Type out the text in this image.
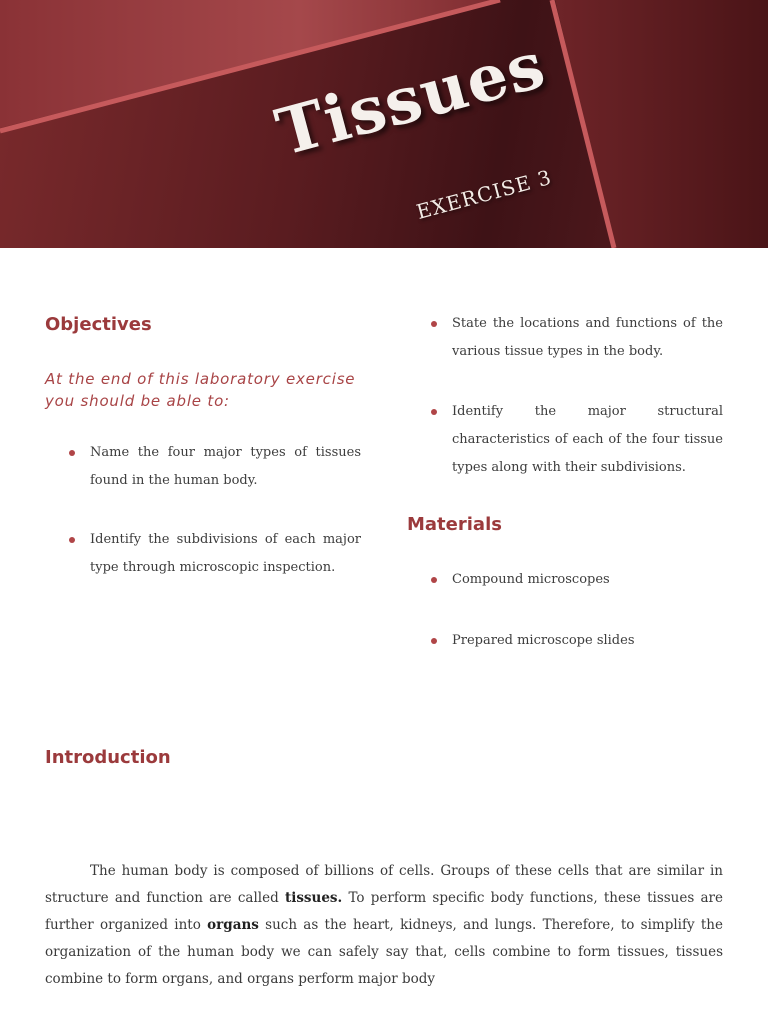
Tissues
EXERCISE 3
Objectives
At the end of this laboratory exercise you should be able to:
Name the four major types of tissues found in the human body.
Identify the subdivisions of each major type through microscopic inspection.
State the locations and functions of the various tissue types in the body.
Identify the major structural characteristics of each of the four tissue types along with their subdivisions.
Materials
Compound microscopes
Prepared microscope slides
Introduction

The human body is composed of billions of cells. Groups of these cells that are similar in structure and function are called tissues. To perform specific body functions, these tissues are further organized into organs such as the heart, kidneys, and lungs. Therefore, to simplify the organization of the human body we can safely say that, cells combine to form tissues, tissues combine to form organs, and organs perform major body
